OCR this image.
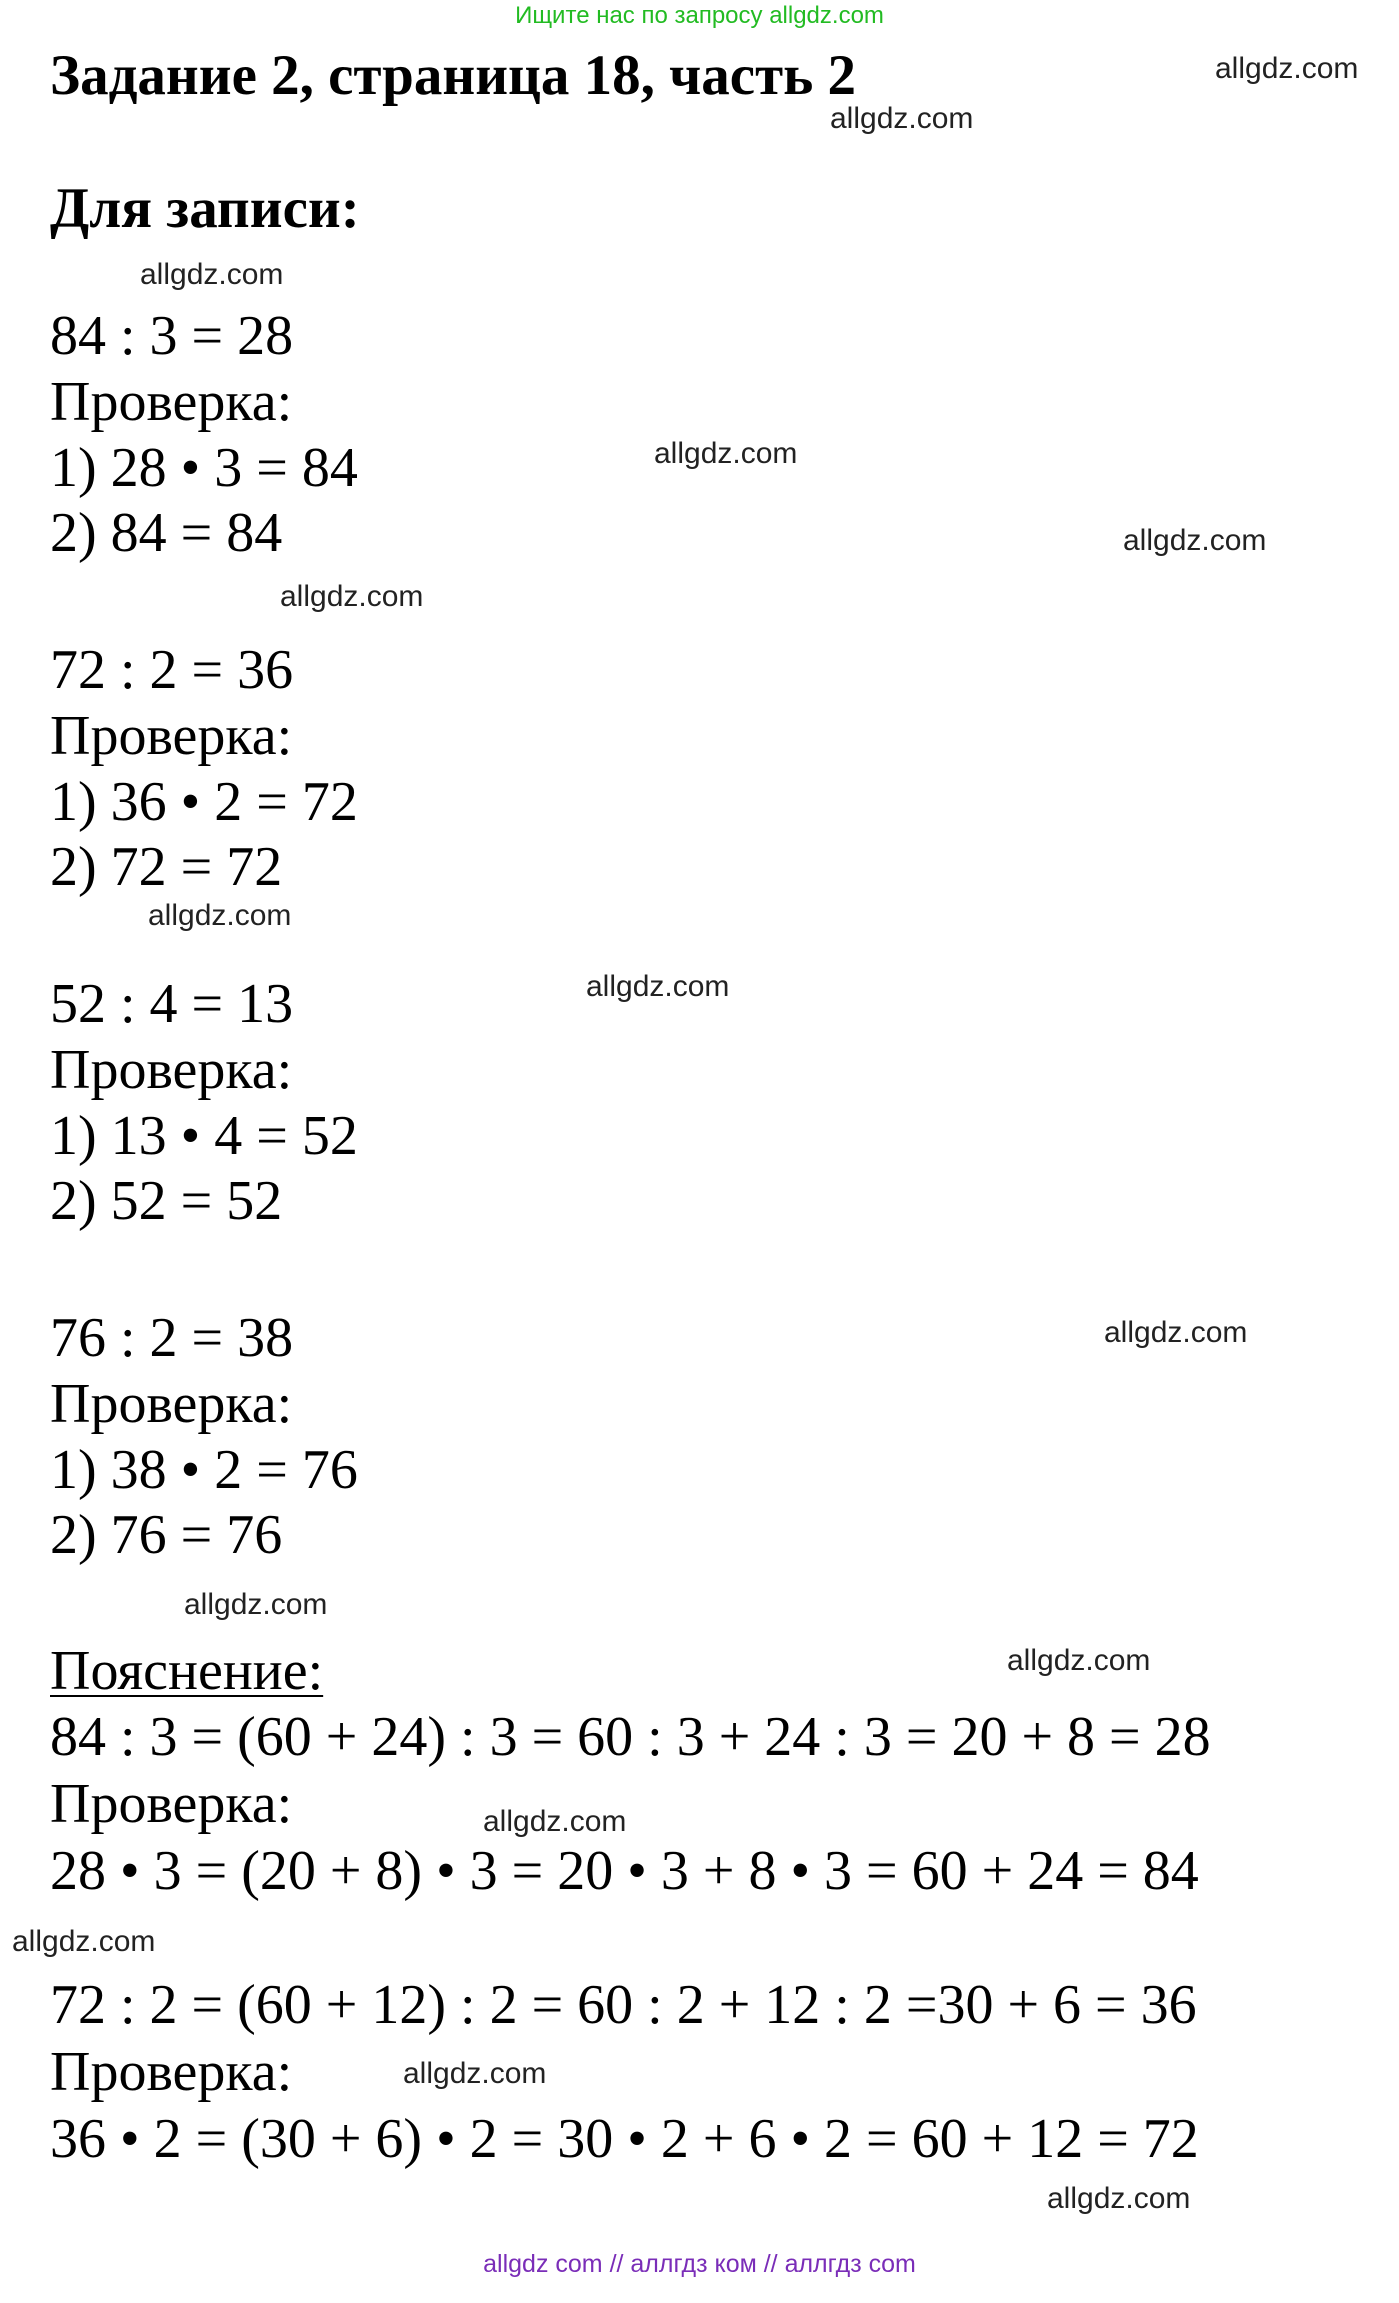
Ищите нас по запросу allgdz.com
Задание 2, страница 18, часть 2
Для записи:
84 : 3 = 28
Проверка:
1) 28 • 3 = 84
2) 84 = 84
72 : 2 = 36
Проверка:
1) 36 • 2 = 72
2) 72 = 72
52 : 4 = 13
Проверка:
1) 13 • 4 = 52
2) 52 = 52
76 : 2 = 38
Проверка:
1) 38 • 2 = 76
2) 76 = 76
Пояснение:
84 : 3 = (60 + 24) : 3 = 60 : 3 + 24 : 3 = 20 + 8 = 28
Проверка:
28 • 3 = (20 + 8) • 3 = 20 • 3 + 8 • 3 = 60 + 24 = 84
72 : 2 = (60 + 12) : 2 = 60 : 2 + 12 : 2 =30 + 6 = 36
Проверка:
36 • 2 = (30 + 6) • 2 = 30 • 2 + 6 • 2 = 60 + 12 = 72
allgdz.com
allgdz.com
allgdz.com
allgdz.com
allgdz.com
allgdz.com
allgdz.com
allgdz.com
allgdz.com
allgdz.com
allgdz.com
allgdz.com
allgdz.com
allgdz.com
allgdz.com
allgdz com // аллгдз ком // аллгдз com
